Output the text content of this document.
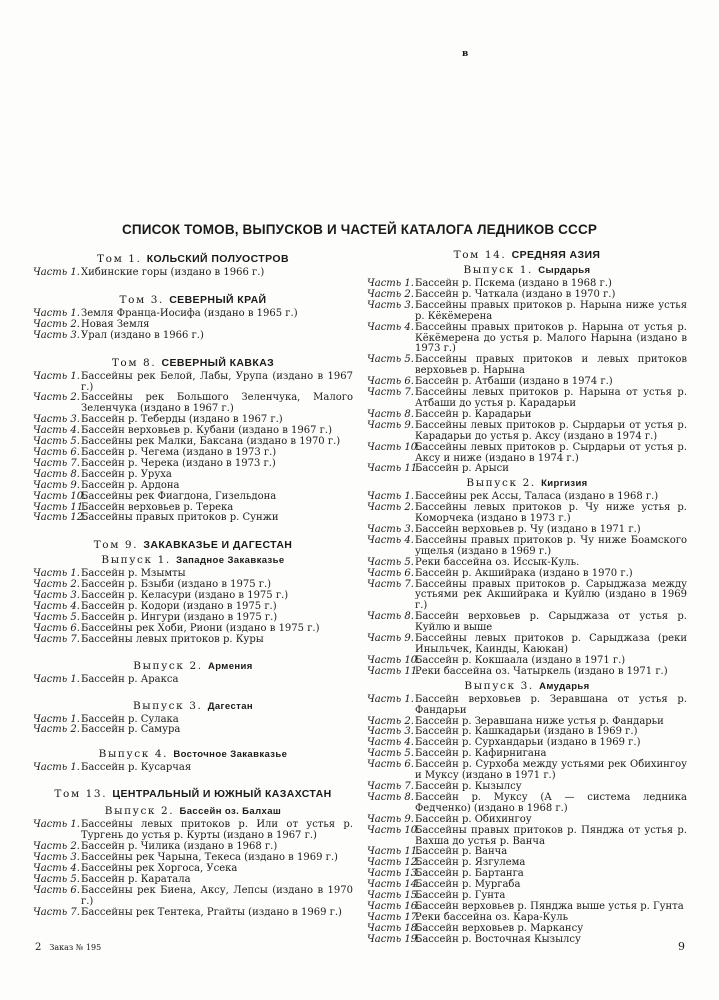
в
СПИСОК ТОМОВ, ВЫПУСКОВ И ЧАСТЕЙ КАТАЛОГА ЛЕДНИКОВ СССР
Том 1.  КОЛЬСКИЙ ПОЛУОСТРОВ
Часть 1. Хибинские горы (издано в 1966 г.)
Том 3.  СЕВЕРНЫЙ КРАЙ
Часть 1. Земля Франца-Иосифа (издано в 1965 г.)
Часть 2. Новая Земля
Часть 3. Урал (издано в 1966 г.)
Том 8.  СЕВЕРНЫЙ КАВКАЗ
Часть 1. Бассейны рек Белой, Лабы, Урупа (издано в 1967 г.)
Часть 2. Бассейны рек Большого Зеленчука, Малого Зеленчука (издано в 1967 г.)
Часть 3. Бассейн р. Теберды (издано в 1967 г.)
Часть 4. Бассейн верховьев р. Кубани (издано в 1967 г.)
Часть 5. Бассейны рек Малки, Баксана (издано в 1970 г.)
Часть 6. Бассейн р. Чегема (издано в 1973 г.)
Часть 7. Бассейн р. Черека (издано в 1973 г.)
Часть 8. Бассейн р. Уруха
Часть 9. Бассейн р. Ардона
Часть 10.
Бассейны рек Фиагдона, Гизельдона
Часть 11.
Бассейн верховьев р. Терека
Часть 12.
Бассейны правых притоков р. Сунжи
Том 9.  ЗАКАВКАЗЬЕ И ДАГЕСТАН
Выпуск 1.  Западное Закавказье
Часть 1. Бассейн р. Мзымты
Часть 2. Бассейн р. Бзыби (издано в 1975 г.)
Часть 3. Бассейн р. Келасури (издано в 1975 г.)
Часть 4. Бассейн р. Кодори (издано в 1975 г.)
Часть 5. Бассейн р. Ингури (издано в 1975 г.)
Часть 6. Бассейны рек Хоби, Риони (издано в 1975 г.)
Часть 7. Бассейны левых притоков р. Куры
Выпуск 2.  Армения
Часть 1. Бассейн р. Аракса
Выпуск 3.  Дагестан
Часть 1. Бассейн р. Сулака
Часть 2. Бассейн р. Самура
Выпуск 4.  Восточное Закавказье
Часть 1. Бассейн р. Кусарчая
Том 13.  ЦЕНТРАЛЬНЫЙ И ЮЖНЫЙ КАЗАХСТАН
Выпуск 2.  Бассейн оз. Балхаш
Часть 1. Бассейны левых притоков р. Или от устья р. Тургень до устья р. Курты (издано в 1967 г.)
Часть 2. Бассейн р. Чилика (издано в 1968 г.)
Часть 3. Бассейны рек Чарына, Текеса (издано в 1969 г.)
Часть 4. Бассейны рек Хоргоса, Усека
Часть 5. Бассейн р. Каратала
Часть 6. Бассейны рек Биена, Аксу, Лепсы (издано в 1970 г.)
Часть 7. Бассейны рек Тентека, Ргайты (издано в 1969 г.)
Том 14.  СРЕДНЯЯ АЗИЯ
Выпуск 1.  Сырдарья
Часть 1. Бассейн р. Пскема (издано в 1968 г.)
Часть 2. Бассейн р. Чаткала (издано в 1970 г.)
Часть 3. Бассейны правых притоков р. Нарына ниже устья р. Кёкёмерена
Часть 4. Бассейны правых притоков р. Нарына от устья р. Кёкёмерена до устья р. Малого Нарына (издано в 1973 г.)
Часть 5. Бассейны правых притоков и левых притоков верховьев р. Нарына
Часть 6. Бассейн р. Атбаши (издано в 1974 г.)
Часть 7. Бассейны левых притоков р. Нарына от устья р. Атбаши до устья р. Карадарьи
Часть 8. Бассейн р. Карадарьи
Часть 9. Бассейны левых притоков р. Сырдарьи от устья р. Карадарьи до устья р. Аксу (издано в 1974 г.)
Часть 10.
Бассейны левых притоков р. Сырдарьи от устья р. Аксу и ниже (издано в 1974 г.)
Часть 11.
Бассейн р. Арыси
Выпуск 2.  Киргизия
Часть 1. Бассейны рек Ассы, Таласа (издано в 1968 г.)
Часть 2. Бассейны левых притоков р. Чу ниже устья р. Коморчека (издано в 1973 г.)
Часть 3. Бассейн верховьев р. Чу (издано в 1971 г.)
Часть 4. Бассейны правых притоков р. Чу ниже Боамского ущелья (издано в 1969 г.)
Часть 5. Реки бассейна оз. Иссык-Куль.
Часть 6. Бассейн р. Акшийрака (издано в 1970 г.)
Часть 7. Бассейны правых притоков р. Сарыджаза между устьями рек Акшийрака и Куйлю (издано в 1969 г.)
Часть 8. Бассейн верховьев р. Сарыджаза от устья р. Куйлю и выше
Часть 9. Бассейны левых притоков р. Сарыджаза (реки Иныльчек, Каинды, Каюкан)
Часть 10.
Бассейн р. Кокшаала (издано в 1971 г.)
Часть 11.
Реки бассейна оз. Чатыркель (издано в 1971 г.)
Выпуск 3.  Амударья
Часть 1. Бассейн верховьев р. Зеравшана от устья р. Фандарьи
Часть 2. Бассейн р. Зеравшана ниже устья р. Фандарьи
Часть 3. Бассейн р. Кашкадарьи (издано в 1969 г.)
Часть 4. Бассейн р. Сурхандарьи (издано в 1969 г.)
Часть 5. Бассейн р. Кафирнигана
Часть 6. Бассейн р. Сурхоба между устьями рек Обихингоу и Муксу (издано в 1971 г.)
Часть 7. Бассейн р. Кызылсу
Часть 8. Бассейн р. Муксу (А — система ледника Федченко) (издано в 1968 г.)
Часть 9. Бассейн р. Обихингоу
Часть 10.
Бассейны правых притоков р. Пянджа от устья р. Вахша до устья р. Ванча
Часть 11.
Бассейн р. Ванча
Часть 12.
Бассейн р. Язгулема
Часть 13.
Бассейн р. Бартанга
Часть 14.
Бассейн р. Мургаба
Часть 15.
Бассейн р. Гунта
Часть 16.
Бассейн верховьев р. Пянджа выше устья р. Гунта
Часть 17.
Реки бассейна оз. Кара-Куль
Часть 18.
Бассейн верховьев р. Маркансу
Часть 19.
Бассейн р. Восточная Кызылсу
2 Заказ № 195	9
